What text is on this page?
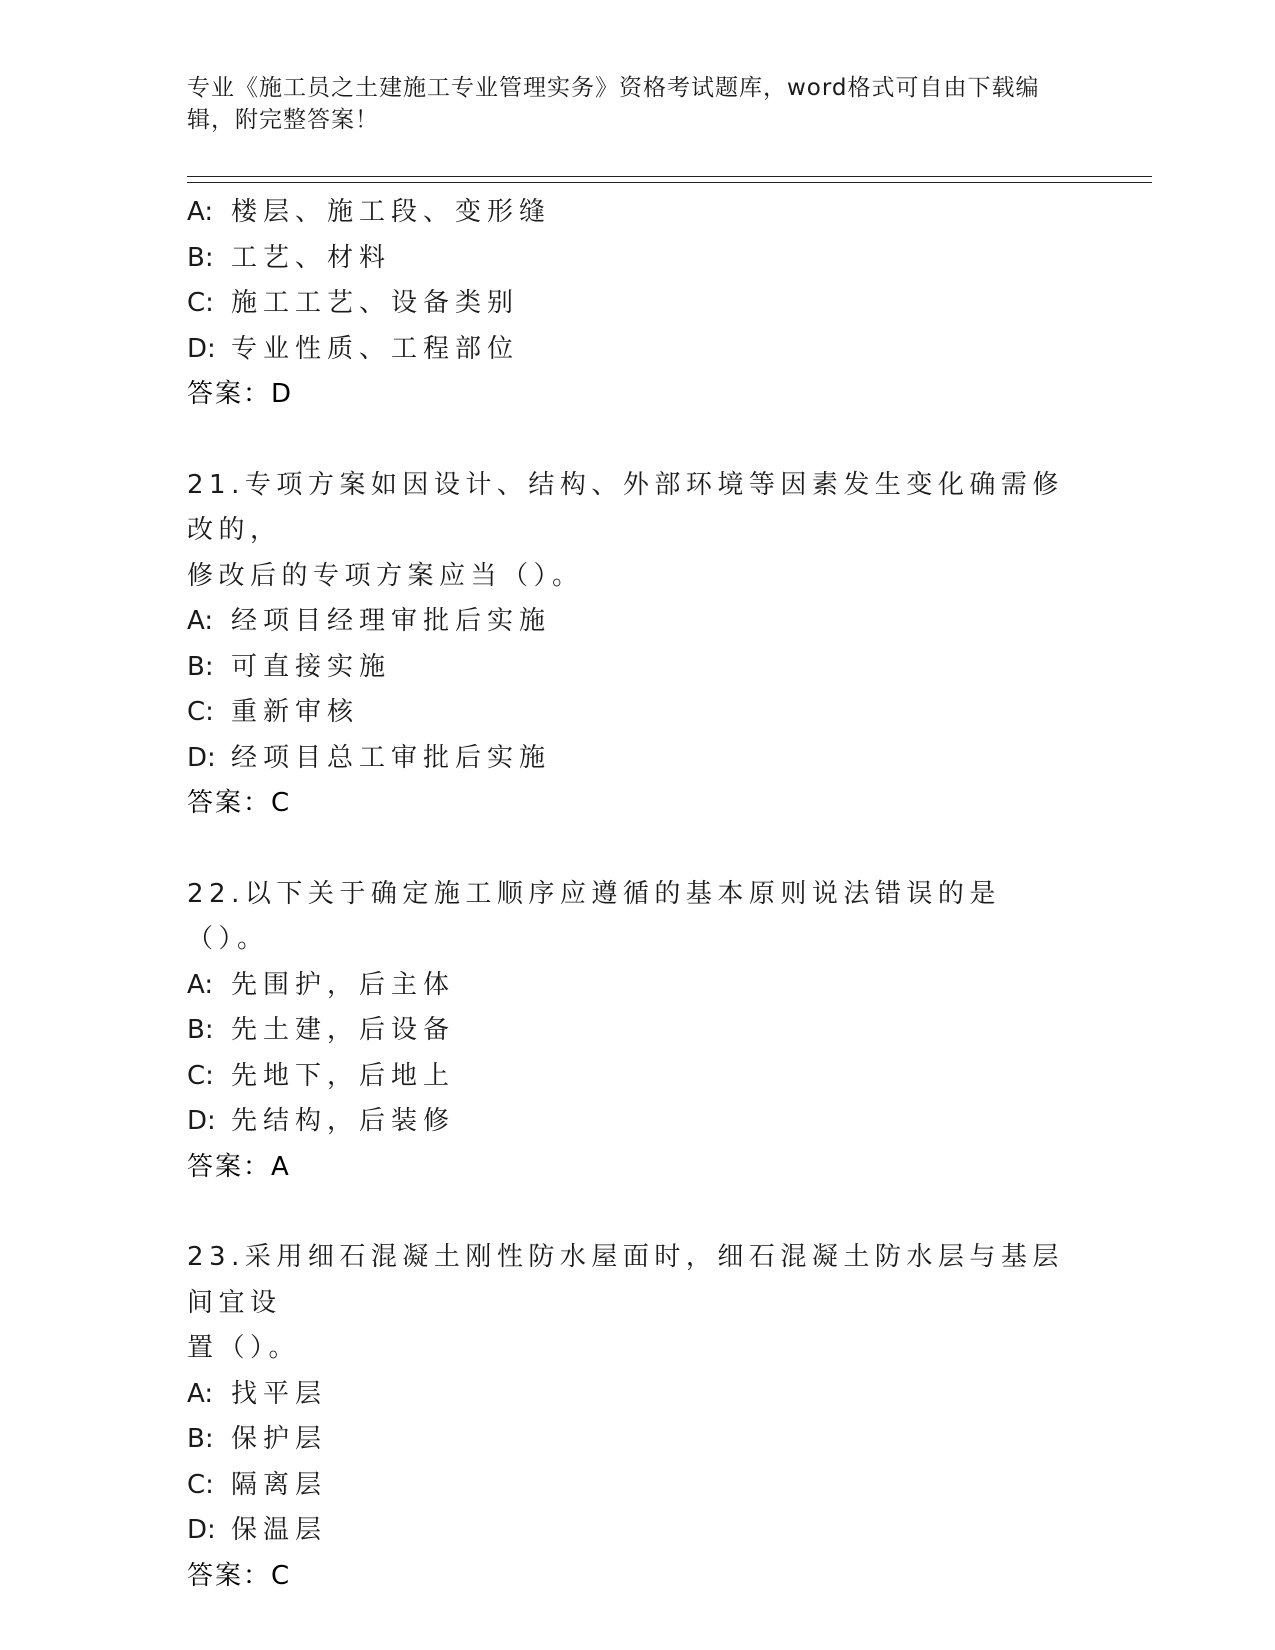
专业《施工员之土建施工专业管理实务》资格考试题库，word格式可自由下载编辑，附完整答案！
A: 楼层、施工段、变形缝
B: 工艺、材料
C: 施工工艺、设备类别
D: 专业性质、工程部位
答案：D
21.专项方案如因设计、结构、外部环境等因素发生变化确需修改的，
修改后的专项方案应当（）。
A: 经项目经理审批后实施
B: 可直接实施
C: 重新审核
D: 经项目总工审批后实施
答案：C
22.以下关于确定施工顺序应遵循的基本原则说法错误的是（）。
A: 先围护，后主体
B: 先土建，后设备
C: 先地下，后地上
D: 先结构，后装修
答案：A
23.采用细石混凝土刚性防水屋面时，细石混凝土防水层与基层间宜设
置（）。
A: 找平层
B: 保护层
C: 隔离层
D: 保温层
答案：C
